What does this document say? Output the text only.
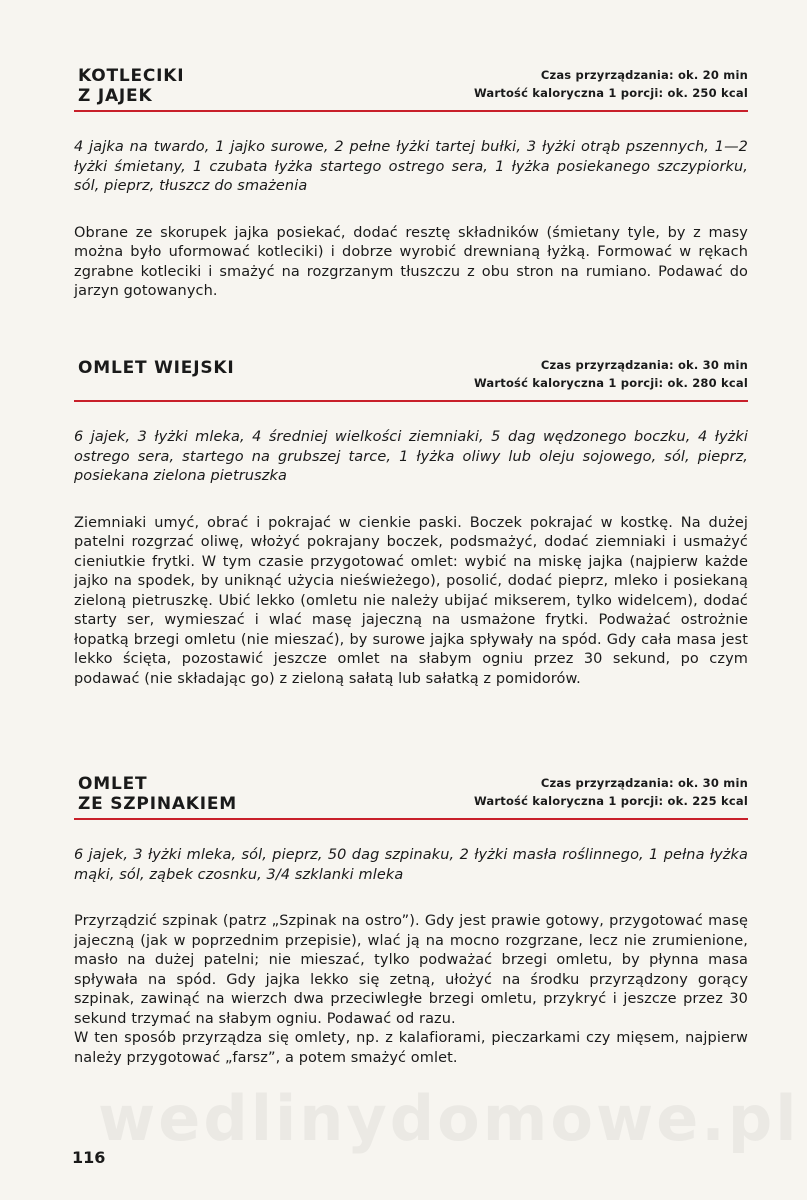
KOTLECIKI
Z JAJEK
Czas przyrządzania: ok. 20 min
Wartość kaloryczna 1 porcji: ok. 250 kcal
4 jajka na twardo, 1 jajko surowe, 2 pełne łyżki tartej bułki, 3 łyżki otrąb pszennych, 1—2 łyżki śmietany, 1 czubata łyżka startego ostrego sera, 1 łyżka posiekanego szczypiorku, sól, pieprz, tłuszcz do smażenia

Obrane ze skorupek jajka posiekać, dodać resztę składników (śmietany tyle, by z masy można było uformować kotleciki) i dobrze wyrobić drewnianą łyżką. Formować w rękach zgrabne kotleciki i smażyć na rozgrzanym tłuszczu z obu stron na rumiano. Podawać do jarzyn gotowanych.

OMLET WIEJSKI	Czas przyrządzania: ok. 30 min
Wartość kaloryczna 1 porcji: ok. 280 kcal
6 jajek, 3 łyżki mleka, 4 średniej wielkości ziemniaki, 5 dag wędzonego boczku, 4 łyżki ostrego sera, startego na grubszej tarce, 1 łyżka oliwy lub oleju sojowego, sól, pieprz, posiekana zielona pietruszka

Ziemniaki umyć, obrać i pokrajać w cienkie paski. Boczek pokrajać w kostkę. Na dużej patelni rozgrzać oliwę, włożyć pokrajany boczek, podsmażyć, dodać ziemniaki i usmażyć cieniutkie frytki. W tym czasie przygotować omlet: wybić na miskę jajka (najpierw każde jajko na spodek, by uniknąć użycia nieświeżego), posolić, dodać pieprz, mleko i posiekaną zieloną pietruszkę. Ubić lekko (omletu nie należy ubijać mikserem, tylko widelcem), dodać starty ser, wymieszać i wlać masę jajeczną na usmażone frytki. Podważać ostrożnie łopatką brzegi omletu (nie mieszać), by surowe jajka spływały na spód. Gdy cała masa jest lekko ścięta, pozostawić jeszcze omlet na słabym ogniu przez 30 sekund, po czym podawać (nie składając go) z zieloną sałatą lub sałatką z pomidorów.

OMLET
ZE SZPINAKIEM
Czas przyrządzania: ok. 30 min
Wartość kaloryczna 1 porcji: ok. 225 kcal
6 jajek, 3 łyżki mleka, sól, pieprz, 50 dag szpinaku, 2 łyżki masła roślinnego, 1 pełna łyżka mąki, sól, ząbek czosnku, 3/4 szklanki mleka

Przyrządzić szpinak (patrz „Szpinak na ostro”). Gdy jest prawie gotowy, przygotować masę jajeczną (jak w poprzednim przepisie), wlać ją na mocno rozgrzane, lecz nie zrumienione, masło na dużej patelni; nie mieszać, tylko podważać brzegi omletu, by płynna masa spływała na spód. Gdy jajka lekko się zetną, ułożyć na środku przyrządzony gorący szpinak, zawinąć na wierzch dwa przeciwległe brzegi omletu, przykryć i jeszcze przez 30 sekund trzymać na słabym ogniu. Podawać od razu.

W ten sposób przyrządza się omlety, np. z kalafiorami, pieczarkami czy mięsem, najpierw należy przygotować „farsz”, a potem smażyć omlet.

wedlinydomowe.pl
116
